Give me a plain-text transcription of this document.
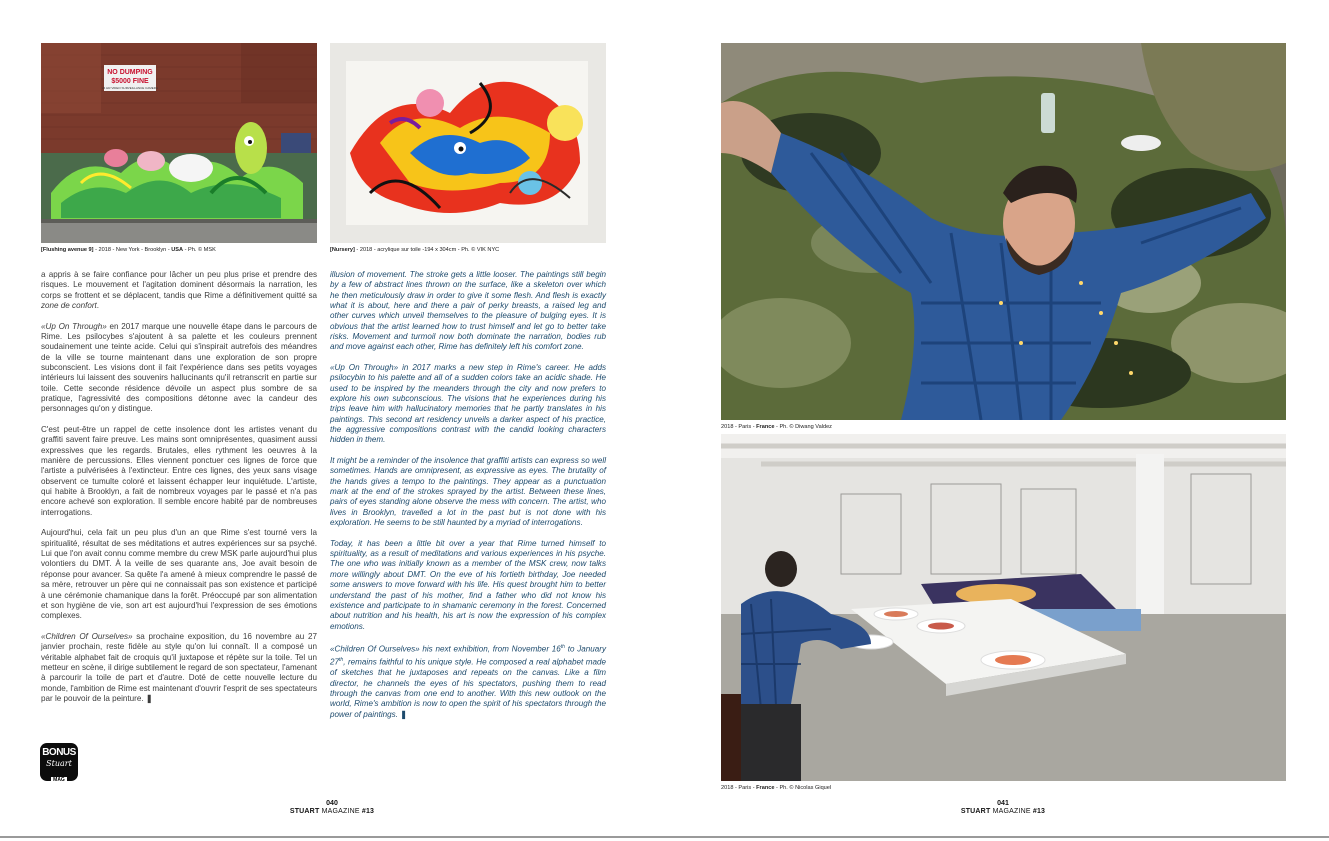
NO DUMPING
$5000 FINE
24 HR VIDEO SURVEILLANCE CAMERA
[Flushing avenue 9] - 2018 - New York - Brooklyn - USA - Ph. © MSK	[Nursery] - 2018 - acrylique sur toile -194 x 304cm - Ph. © VIK NYC

a appris à se faire confiance pour lâcher un peu plus prise et prendre des risques. Le mouvement et l'agitation dominent désormais la narration, les corps se frottent et se déplacent, tandis que Rime a définitivement quitté sa zone de confort.

«Up On Through» en 2017 marque une nouvelle étape dans le parcours de Rime. Les psilocybes s'ajoutent à sa palette et les couleurs prennent soudainement une teinte acide. Celui qui s'inspirait autrefois des méandres de la ville se tourne maintenant dans une exploration de son propre subconscient. Les visions dont il fait l'expérience dans ses petits voyages intérieurs lui laissent des souvenirs hallucinants qu'il retranscrit en partie sur toile. Cette seconde résidence dévoile un aspect plus sombre de sa pratique, l'agressivité des compositions détonne avec la candeur des personnages qu'on y distingue.

C'est peut-être un rappel de cette insolence dont les artistes venant du graffiti savent faire preuve. Les mains sont omniprésentes, quasiment aussi expressives que les regards. Brutales, elles rythment les oeuvres à la manière de percussions. Elles viennent ponctuer ces lignes de force que l'artiste a pulvérisées à l'extincteur. Entre ces lignes, des yeux sans visage observent ce tumulte coloré et laissent échapper leur inquiétude. L'artiste, qui habite à Brooklyn, a fait de nombreux voyages par le passé et n'a pas encore achevé son exploration. Il semble encore habité par de nombreuses interrogations.

Aujourd'hui, cela fait un peu plus d'un an que Rime s'est tourné vers la spiritualité, résultat de ses méditations et autres expériences sur sa psyché. Lui que l'on avait connu comme membre du crew MSK parle aujourd'hui plus volontiers du DMT. À la veille de ses quarante ans, Joe avait besoin de réponse pour avancer. Sa quête l'a amené à mieux comprendre le passé de sa mère, retrouver un père qui ne connaissait pas son existence et participé à une cérémonie chamanique dans la forêt. Préoccupé par son alimentation et son hygiène de vie, son art est aujourd'hui l'expression de ses émotions complexes.

«Children Of Ourselves» sa prochaine exposition, du 16 novembre au 27 janvier prochain, reste fidèle au style qu'on lui connaît. Il a composé un véritable alphabet fait de croquis qu'il juxtapose et répète sur la toile. Tel un metteur en scène, il dirige subtilement le regard de son spectateur, l'amenant à parcourir la toile de part et d'autre. Doté de cette nouvelle lecture du monde, l'ambition de Rime est maintenant d'ouvrir l'esprit de ses spectateurs par le pouvoir de la peinture. ❚

illusion of movement. The stroke gets a little looser. The paintings still begin by a few of abstract lines thrown on the surface, like a skeleton over which he then meticulously draw in order to give it some flesh. And flesh is exactly what it is about, here and there a pair of perky breasts, a raised leg and other curves which unveil themselves to the pleasure of bulging eyes. It is obvious that the artist learned how to trust himself and let go to better take risks. Movement and turmoil now both dominate the narration, bodies rub and move against each other, Rime has definitely left his comfort zone.

«Up On Through» in 2017 marks a new step in Rime's career. He adds psilocybin to his palette and all of a sudden colors take an acidic shade. He used to be inspired by the meanders through the city and now prefers to explore his own subconscious. The visions that he experiences during his trips leave him with hallucinatory memories that he partly translates in his paintings. This second art residency unveils a darker aspect of his practice, the aggressive compositions contrast with the candid looking characters hidden in them.

It might be a reminder of the insolence that graffiti artists can express so well sometimes. Hands are omnipresent, as expressive as eyes. The brutality of the hands gives a tempo to the paintings. They appear as a punctuation mark at the end of the strokes sprayed by the artist. Between these lines, pairs of eyes standing alone observe the mess with concern. The artist, who lives in Brooklyn, travelled a lot in the past but is not done with his exploration. He seems to be still haunted by a myriad of interrogations.

Today, it has been a little bit over a year that Rime turned himself to spirituality, as a result of meditations and various experiences in his psyche. The one who was initially known as a member of the MSK crew, now talks more willingly about DMT. On the eve of his fortieth birthday, Joe needed some answers to move forward with his life. His quest brought him to better understand the past of his mother, find a father who did not know his existence and participate to in shamanic ceremony in the forest. Concerned about nutrition and his health, his art is now the expression of his complex emotions.

«Children Of Ourselves» his next exhibition, from November 16th to January 27th, remains faithful to his unique style. He composed a real alphabet made of sketches that he juxtaposes and repeats on the canvas. Like a film director, he channels the eyes of his spectators, pushing them to read through the canvas from one end to another. With this new outlook on the world, Rime's ambition is now to open the spirit of his spectators through the power of paintings. ❚

BONUS
Stuart
MAG
040
STUART MAGAZINE #13
2018 - Paris - France - Ph. © Diwang Valdez
2018 - Paris - France - Ph. © Nicolas Giquel
041
STUART MAGAZINE #13
